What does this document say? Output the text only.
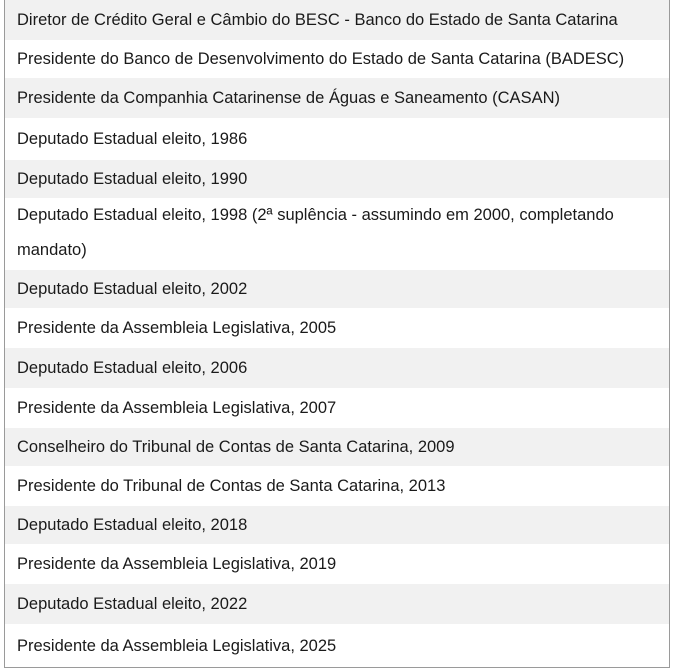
Diretor de Crédito Geral e Câmbio do BESC - Banco do Estado de Santa Catarina
Presidente do Banco de Desenvolvimento do Estado de Santa Catarina (BADESC)
Presidente da Companhia Catarinense de Águas e Saneamento (CASAN)
Deputado Estadual eleito, 1986
Deputado Estadual eleito, 1990
Deputado Estadual eleito, 1998 (2ª suplência - assumindo em 2000, completando mandato)
Deputado Estadual eleito, 2002
Presidente da Assembleia Legislativa, 2005
Deputado Estadual eleito, 2006
Presidente da Assembleia Legislativa, 2007
Conselheiro do Tribunal de Contas de Santa Catarina, 2009
Presidente do Tribunal de Contas de Santa Catarina, 2013
Deputado Estadual eleito, 2018
Presidente da Assembleia Legislativa, 2019
Deputado Estadual eleito, 2022
Presidente da Assembleia Legislativa, 2025
